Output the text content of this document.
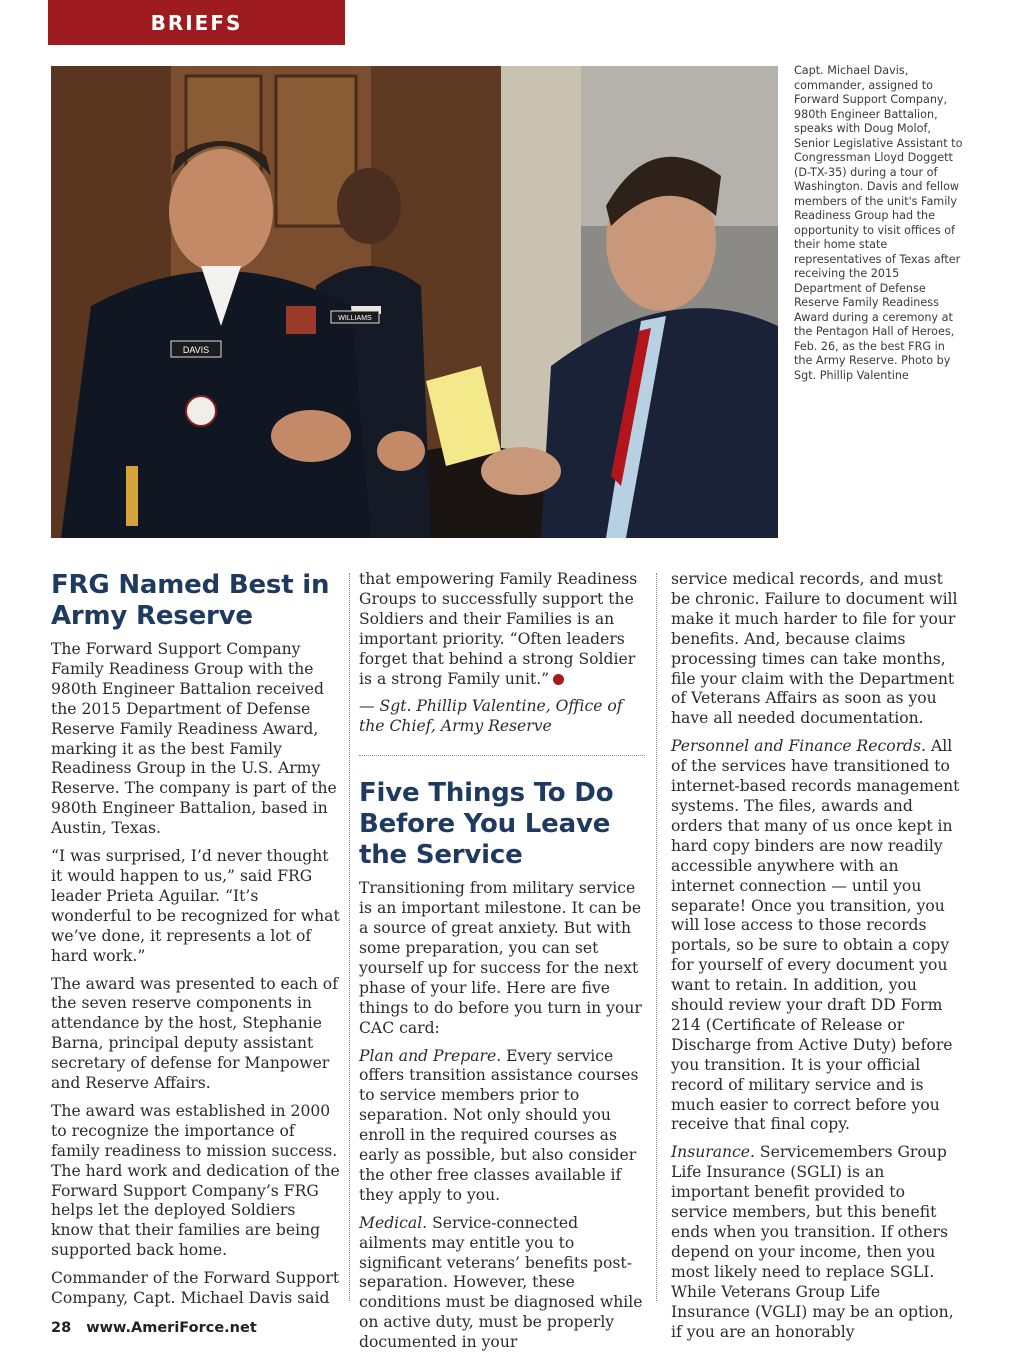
BRIEFS
DAVIS
WILLIAMS
Capt. Michael Davis, commander, assigned to Forward Support Company, 980th Engineer Battalion, speaks with Doug Molof, Senior Legislative Assistant to Congressman Lloyd Doggett (D-TX-35) during a tour of Washington. Davis and fellow members of the unit's Family Readiness Group had the opportunity to visit offices of their home state representatives of Texas after receiving the 2015 Department of Defense Reserve Family Readiness Award during a ceremony at the Pentagon Hall of Heroes, Feb. 26, as the best FRG in the Army Reserve. Photo by Sgt. Phillip Valentine
FRG Named Best in Army Reserve

The Forward Support Company Family Readiness Group with the 980th Engineer Battalion received the 2015 Department of Defense Reserve Family Readiness Award, marking it as the best Family Readiness Group in the U.S. Army Reserve. The company is part of the 980th Engineer Battalion, based in Austin, Texas.

“I was surprised, I’d never thought it would happen to us,” said FRG leader Prieta Aguilar. “It’s wonderful to be recognized for what we’ve done, it represents a lot of hard work.”

The award was presented to each of the seven reserve components in attendance by the host, Stephanie Barna, principal deputy assistant secretary of defense for Manpower and Reserve Affairs.

The award was established in 2000 to recognize the importance of family readiness to mission success. The hard work and dedication of the Forward Support Company’s FRG helps let the deployed Soldiers know that their families are being supported back home.

Commander of the Forward Support Company, Capt. Michael Davis said

that empowering Family Readiness Groups to successfully support the Soldiers and their Families is an important priority. “Often leaders forget that behind a strong Soldier is a strong Family unit.”

— Sgt. Phillip Valentine, Office of the Chief, Army Reserve

Five Things To Do Before You Leave the Service

Transitioning from military service is an important milestone. It can be a source of great anxiety. But with some preparation, you can set yourself up for success for the next phase of your life. Here are five things to do before you turn in your CAC card:

Plan and Prepare. Every service offers transition assistance courses to service members prior to separation. Not only should you enroll in the required courses as early as possible, but also consider the other free classes available if they apply to you.

Medical. Service-connected ailments may entitle you to significant veterans’ benefits post-separation. However, these conditions must be diagnosed while on active duty, must be properly documented in your

service medical records, and must be chronic. Failure to document will make it much harder to file for your benefits. And, because claims processing times can take months, file your claim with the Department of Veterans Affairs as soon as you have all needed documentation.

Personnel and Finance Records. All of the services have transitioned to internet-based records management systems. The files, awards and orders that many of us once kept in hard copy binders are now readily accessible anywhere with an internet connection — until you separate! Once you transition, you will lose access to those records portals, so be sure to obtain a copy for yourself of every document you want to retain. In addition, you should review your draft DD Form 214 (Certificate of Release or Discharge from Active Duty) before you transition. It is your official record of military service and is much easier to correct before you receive that final copy.

Insurance. Servicemembers Group Life Insurance (SGLI) is an important benefit provided to service members, but this benefit ends when you transition. If others depend on your income, then you most likely need to replace SGLI. While Veterans Group Life Insurance (VGLI) may be an option, if you are an honorably

28 www.AmeriForce.net
